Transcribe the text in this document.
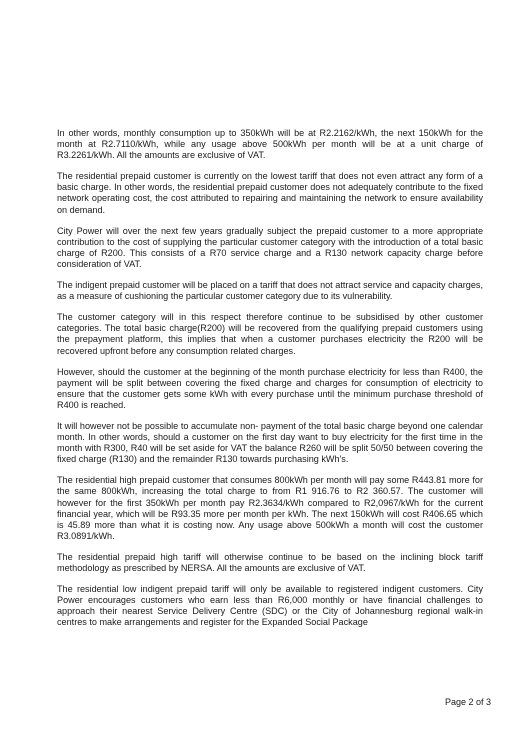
In other words, monthly consumption up to 350kWh will be at R2.2162/kWh, the next 150kWh for the month at R2.7110/kWh, while any usage above 500kWh per month will be at a unit charge of R3.2261/kWh. All the amounts are exclusive of VAT.

The residential prepaid customer is currently on the lowest tariff that does not even attract any form of a basic charge. In other words, the residential prepaid customer does not adequately contribute to the fixed network operating cost, the cost attributed to repairing and maintaining the network to ensure availability on demand.

City Power will over the next few years gradually subject the prepaid customer to a more appropriate contribution to the cost of supplying the particular customer category with the introduction of a total basic charge of R200. This consists of a R70 service charge and a R130 network capacity charge before consideration of VAT.

The indigent prepaid customer will be placed on a tariff that does not attract service and capacity charges, as a measure of cushioning the particular customer category due to its vulnerability.

The customer category will in this respect therefore continue to be subsidised by other customer categories. The total basic charge(R200) will be recovered from the qualifying prepaid customers using the prepayment platform, this implies that when a customer purchases electricity the R200 will be recovered upfront before any consumption related charges.

However, should the customer at the beginning of the month purchase electricity for less than R400, the payment will be split between covering the fixed charge and charges for consumption of electricity to ensure that the customer gets some kWh with every purchase until the minimum purchase threshold of R400 is reached.

It will however not be possible to accumulate non- payment of the total basic charge beyond one calendar month. In other words, should a customer on the first day want to buy electricity for the first time in the month with R300, R40 will be set aside for VAT the balance R260 will be split 50/50 between covering the fixed charge (R130) and the remainder R130 towards purchasing kWh's.

The residential high prepaid customer that consumes 800kWh per month will pay some R443.81 more for the same 800kWh, increasing the total charge to from R1 916.76 to R2 360.57. The customer will however for the first 350kWh per month pay R2.3634/kWh compared to R2,0967/kWh for the current financial year, which will be R93.35 more per month per kWh. The next 150kWh will cost R406.65 which is 45.89 more than what it is costing now. Any usage above 500kWh a month will cost the customer R3.0891/kWh.

The residential prepaid high tariff will otherwise continue to be based on the inclining block tariff methodology as prescribed by NERSA. All the amounts are exclusive of VAT.

The residential low indigent prepaid tariff will only be available to registered indigent customers. City Power encourages customers who earn less than R6,000 monthly or have financial challenges to approach their nearest Service Delivery Centre (SDC) or the City of Johannesburg regional walk-in centres to make arrangements and register for the Expanded Social Package

Page 2 of 3
